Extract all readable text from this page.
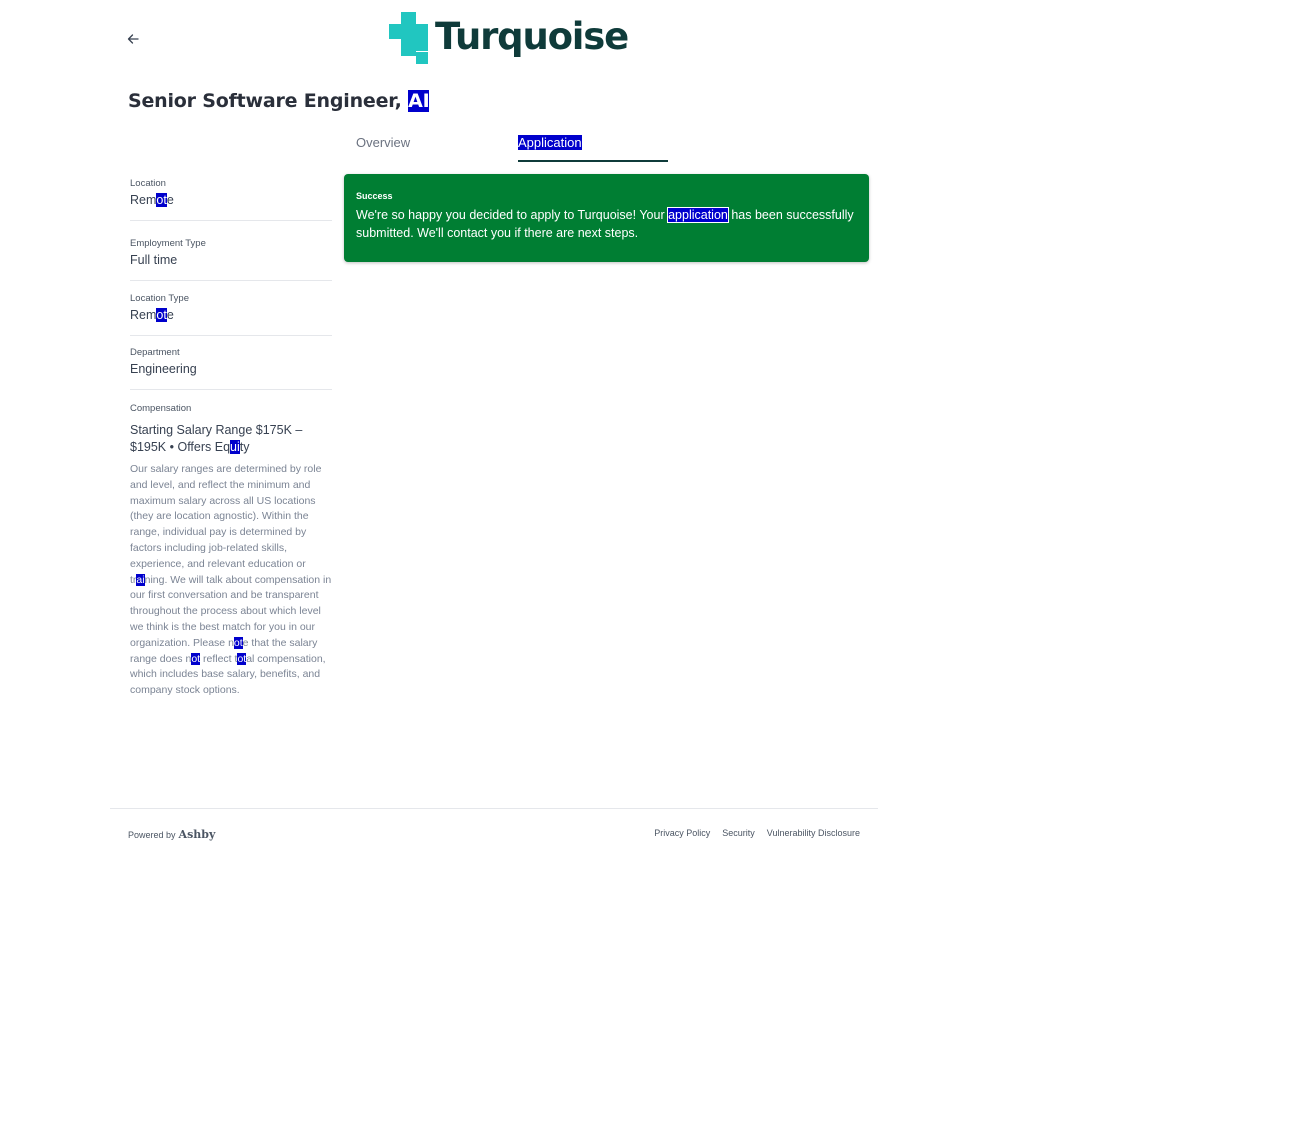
Turquoise
Senior Software Engineer, AI
Overview	Application
Location
Remote
Employment Type
Full time
Location Type
Remote
Department
Engineering
Compensation
Starting Salary Range $175K – $195K • Offers Equity
Our salary ranges are determined by role and level, and reflect the minimum and maximum salary across all US locations (they are location agnostic). Within the range, individual pay is determined by factors including job-related skills, experience, and relevant education or training. We will talk about compensation in our first conversation and be transparent throughout the process about which level we think is the best match for you in our organization. Please note that the salary range does not reflect total compensation, which includes base salary, benefits, and company stock options.
Success
We're so happy you decided to apply to Turquoise! Your application has been successfully submitted. We'll contact you if there are next steps.
Powered by Ashby	Privacy Policy Security Vulnerability Disclosure
